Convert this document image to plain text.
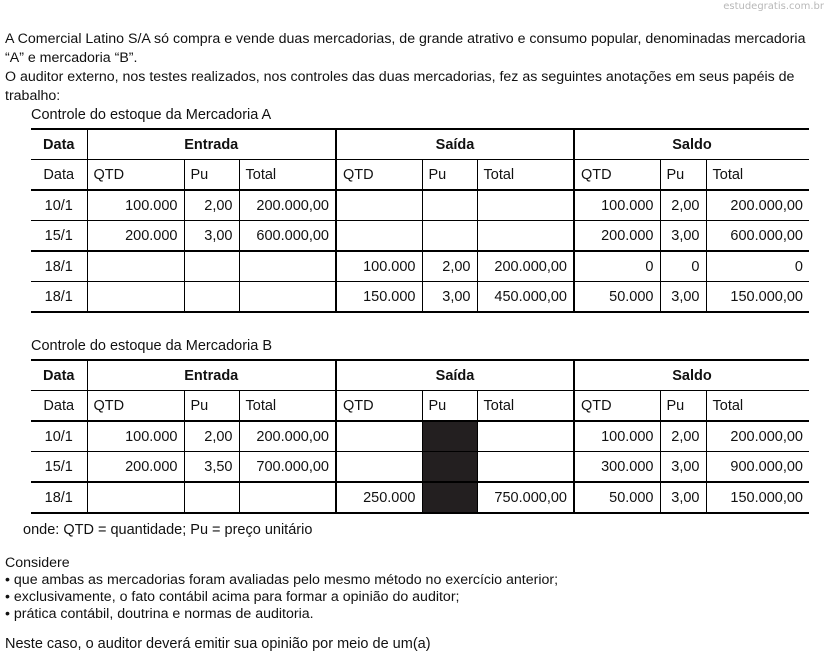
estudegratis.com.br

A Comercial Latino S/A só compra e vende duas mercadorias, de grande atrativo e consumo popular, denominadas mercadoria “A” e mercadoria “B”.

O auditor externo, nos testes realizados, nos controles das duas mercadorias, fez as seguintes anotações em seus papéis de trabalho:

Controle do estoque da Mercadoria A
Data	Entrada			Saída			Saldo		
Data	QTD	Pu	Total	QTD	Pu	Total	QTD	Pu	Total
10/1	100.000	2,00	200.000,00				100.000	2,00	200.000,00
15/1	200.000	3,00	600.000,00				200.000	3,00	600.000,00
18/1				100.000	2,00	200.000,00	0	0	0
18/1				150.000	3,00	450.000,00	50.000	3,00	150.000,00
Controle do estoque da Mercadoria B
Data	Entrada			Saída			Saldo		
Data	QTD	Pu	Total	QTD	Pu	Total	QTD	Pu	Total
10/1	100.000	2,00	200.000,00				100.000	2,00	200.000,00
15/1	200.000	3,50	700.000,00				300.000	3,00	900.000,00
18/1				250.000		750.000,00	50.000	3,00	150.000,00
onde: QTD = quantidade; Pu = preço unitário
Considere
• que ambas as mercadorias foram avaliadas pelo mesmo método no exercício anterior;
• exclusivamente, o fato contábil acima para formar a opinião do auditor;
• prática contábil, doutrina e normas de auditoria.
Neste caso, o auditor deverá emitir sua opinião por meio de um(a)
